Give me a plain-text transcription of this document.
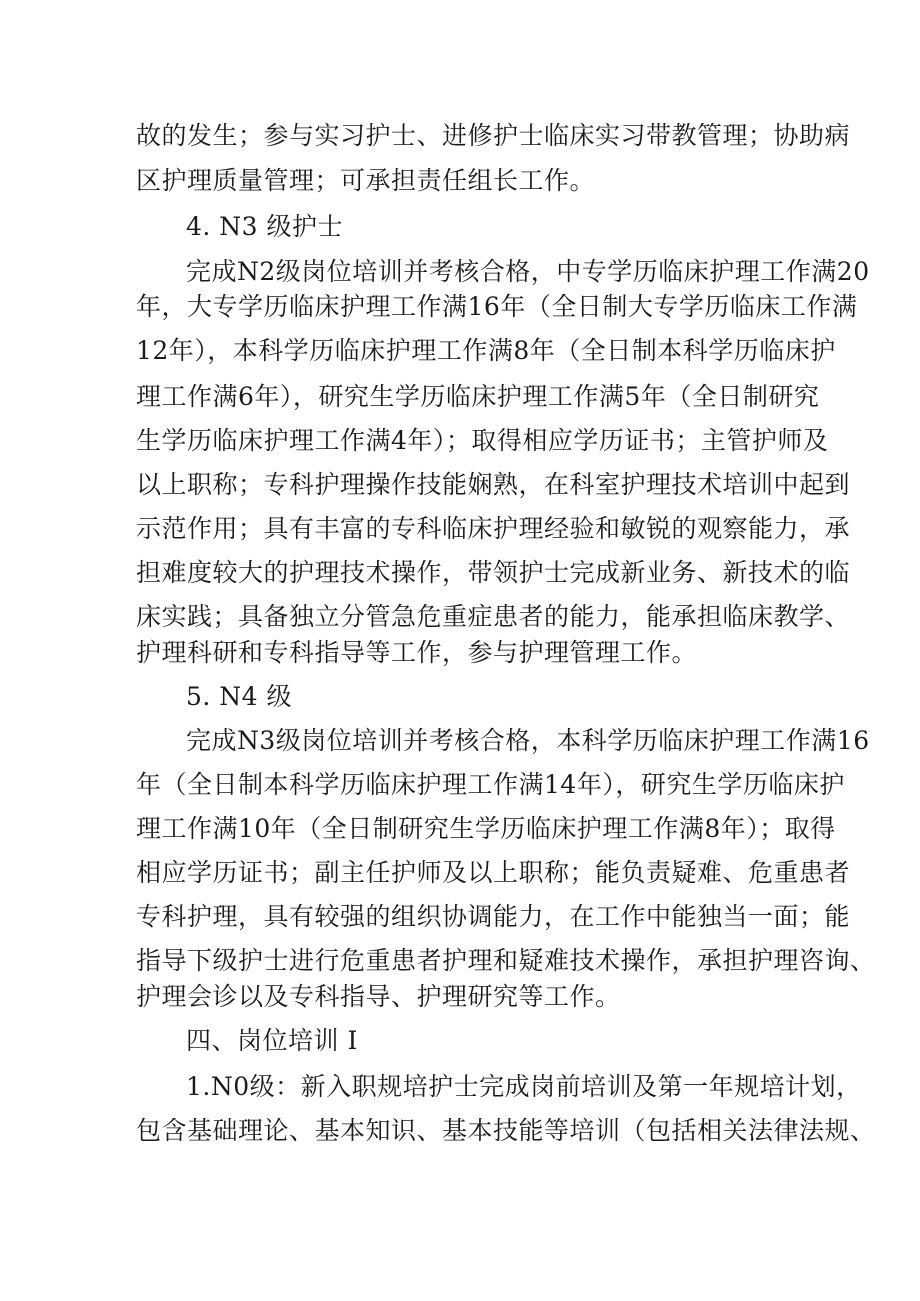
故的发生；参与实习护士、进修护士临床实习带教管理；协助病
区护理质量管理；可承担责任组长工作。
4. N3 级护士
完成N2级岗位培训并考核合格，中专学历临床护理工作满20
年，大专学历临床护理工作满16年（全日制大专学历临床工作满
12年），本科学历临床护理工作满8年（全日制本科学历临床护
理工作满6年），研究生学历临床护理工作满5年（全日制研究
生学历临床护理工作满4年）；取得相应学历证书；主管护师及
以上职称；专科护理操作技能娴熟，在科室护理技术培训中起到
示范作用；具有丰富的专科临床护理经验和敏锐的观察能力，承
担难度较大的护理技术操作，带领护士完成新业务、新技术的临
床实践；具备独立分管急危重症患者的能力，能承担临床教学、
护理科研和专科指导等工作，参与护理管理工作。
5. N4 级
完成N3级岗位培训并考核合格，本科学历临床护理工作满16
年（全日制本科学历临床护理工作满14年），研究生学历临床护
理工作满10年（全日制研究生学历临床护理工作满8年）；取得
相应学历证书；副主任护师及以上职称；能负责疑难、危重患者
专科护理，具有较强的组织协调能力，在工作中能独当一面；能
指导下级护士进行危重患者护理和疑难技术操作，承担护理咨询、
护理会诊以及专科指导、护理研究等工作。
四、岗位培训 I
1.N0级：新入职规培护士完成岗前培训及第一年规培计划，
包含基础理论、基本知识、基本技能等培训（包括相关法律法规、
